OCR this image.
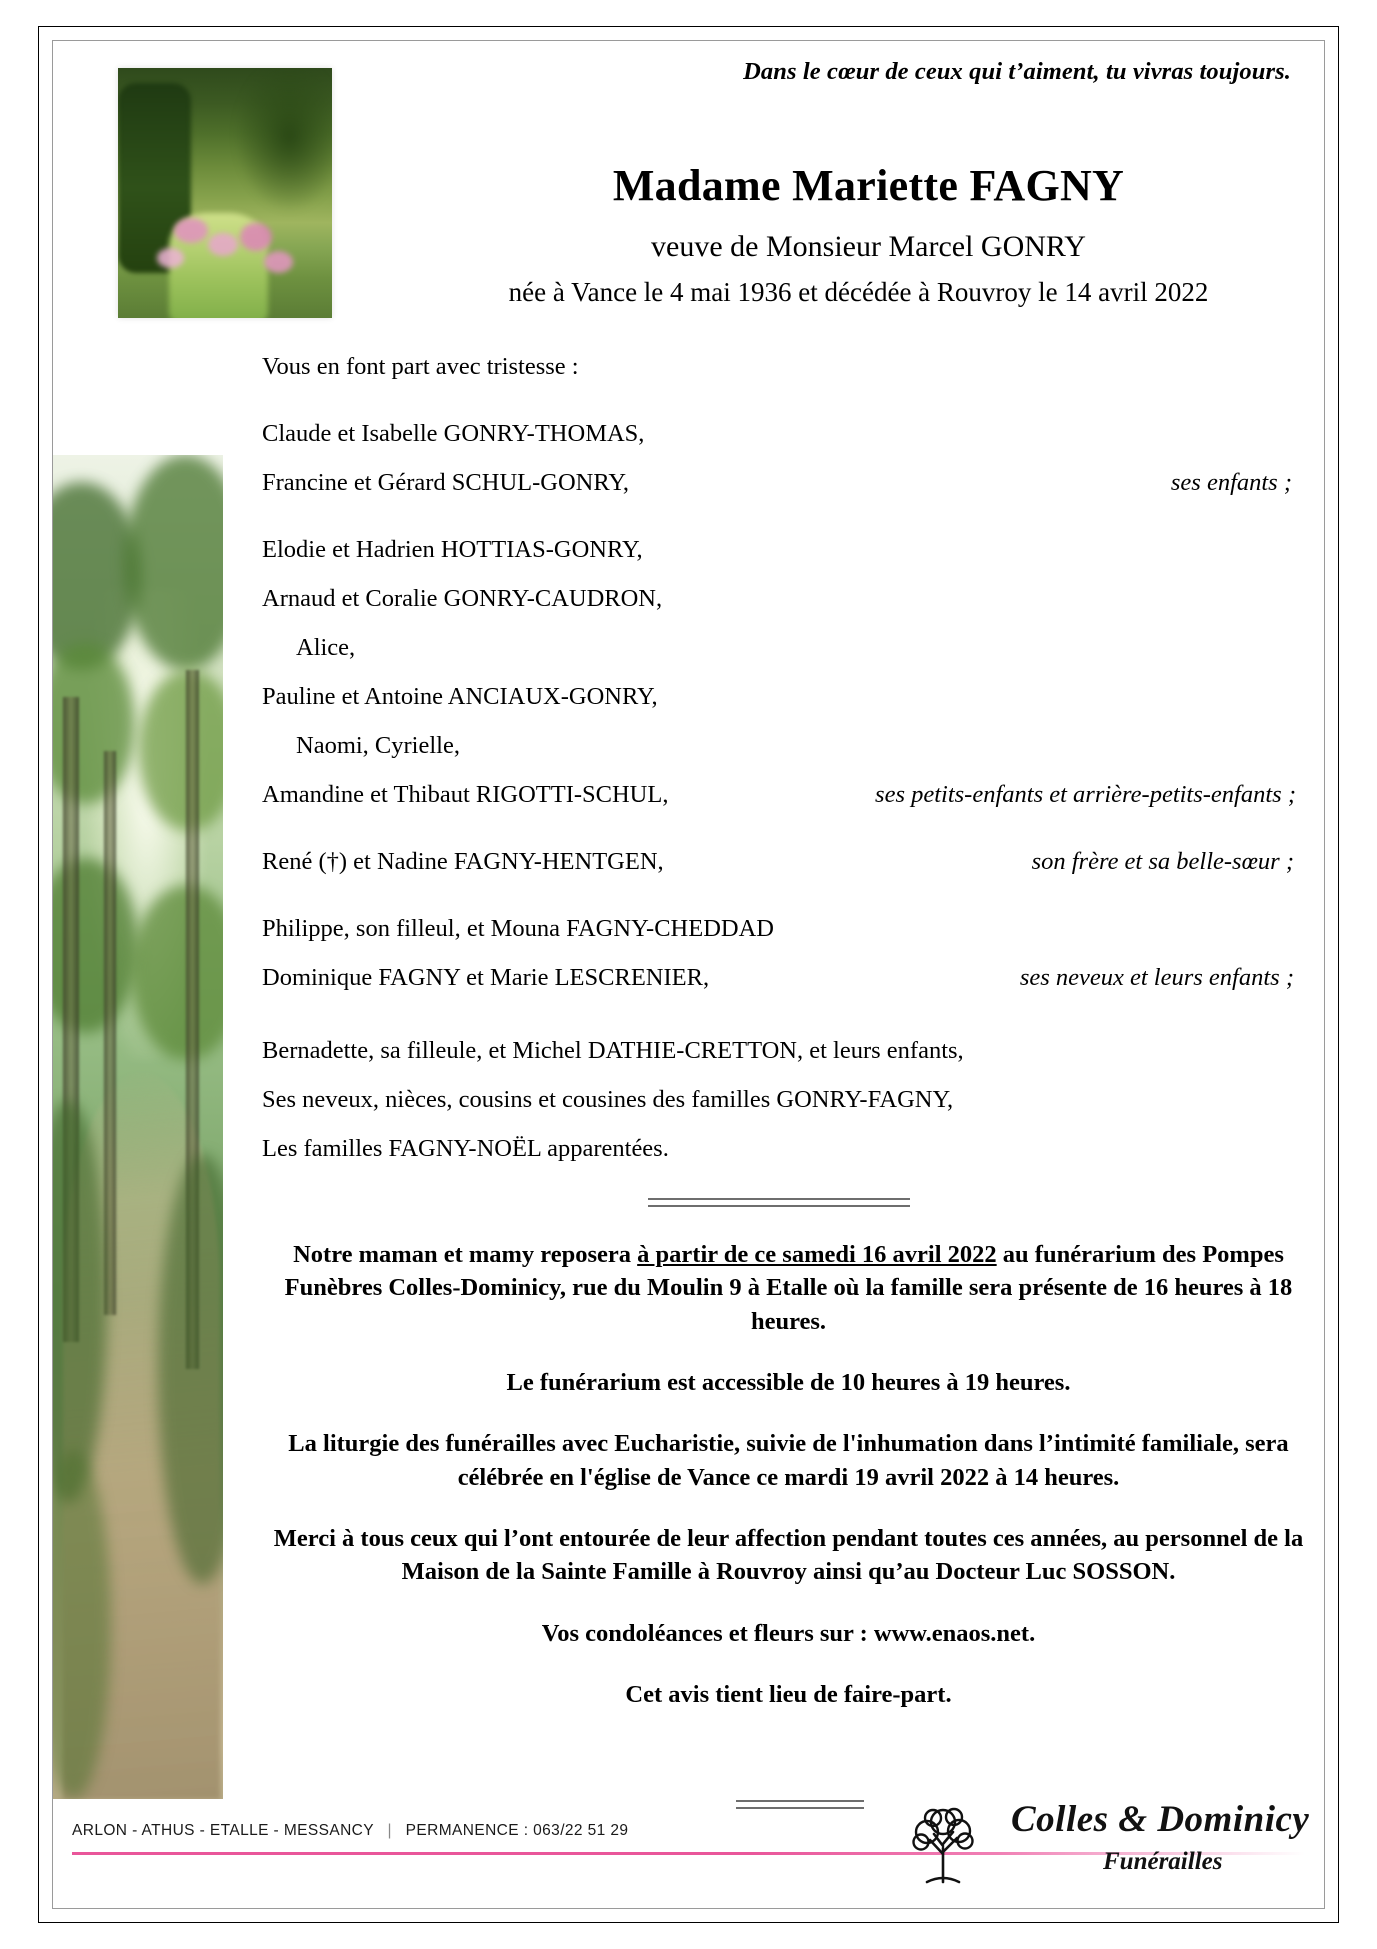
Dans le cœur de ceux qui t’aiment, tu vivras toujours.
Madame Mariette FAGNY
veuve de Monsieur Marcel GONRY
née à Vance le 4 mai 1936 et décédée à Rouvroy le 14 avril 2022
Vous en font part avec tristesse :
Claude et Isabelle GONRY-THOMAS,
Francine et Gérard SCHUL-GONRY,	ses enfants ;
Elodie et Hadrien HOTTIAS-GONRY,
Arnaud et Coralie GONRY-CAUDRON,
Alice,
Pauline et Antoine ANCIAUX-GONRY,
Naomi, Cyrielle,
Amandine et Thibaut RIGOTTI-SCHUL,	ses petits-enfants et arrière-petits-enfants ;
René (†) et Nadine FAGNY-HENTGEN,	son frère et sa belle-sœur ;
Philippe, son filleul, et Mouna FAGNY-CHEDDAD
Dominique FAGNY et Marie LESCRENIER,	ses neveux et leurs enfants ;
Bernadette, sa filleule, et Michel DATHIE-CRETTON, et leurs enfants,
Ses neveux, nièces, cousins et cousines des familles GONRY-FAGNY,
Les familles FAGNY-NOËL apparentées.

Notre maman et mamy reposera à partir de ce samedi 16 avril 2022 au funérarium des Pompes Funèbres Colles-Dominicy, rue du Moulin 9 à Etalle où la famille sera présente de 16 heures à 18 heures.

Le funérarium est accessible de 10 heures à 19 heures.

La liturgie des funérailles avec Eucharistie, suivie de l'inhumation dans l’intimité familiale, sera célébrée en l'église de Vance ce mardi 19 avril 2022 à 14 heures.

Merci à tous ceux qui l’ont entourée de leur affection pendant toutes ces années, au personnel de la Maison de la Sainte Famille à Rouvroy ainsi qu’au Docteur Luc SOSSON.

Vos condoléances et fleurs sur : www.enaos.net.

Cet avis tient lieu de faire-part.

ARLON - ATHUS - ETALLE - MESSANCY | PERMANENCE : 063/22 51 29	Colles & Dominicy
Funérailles
